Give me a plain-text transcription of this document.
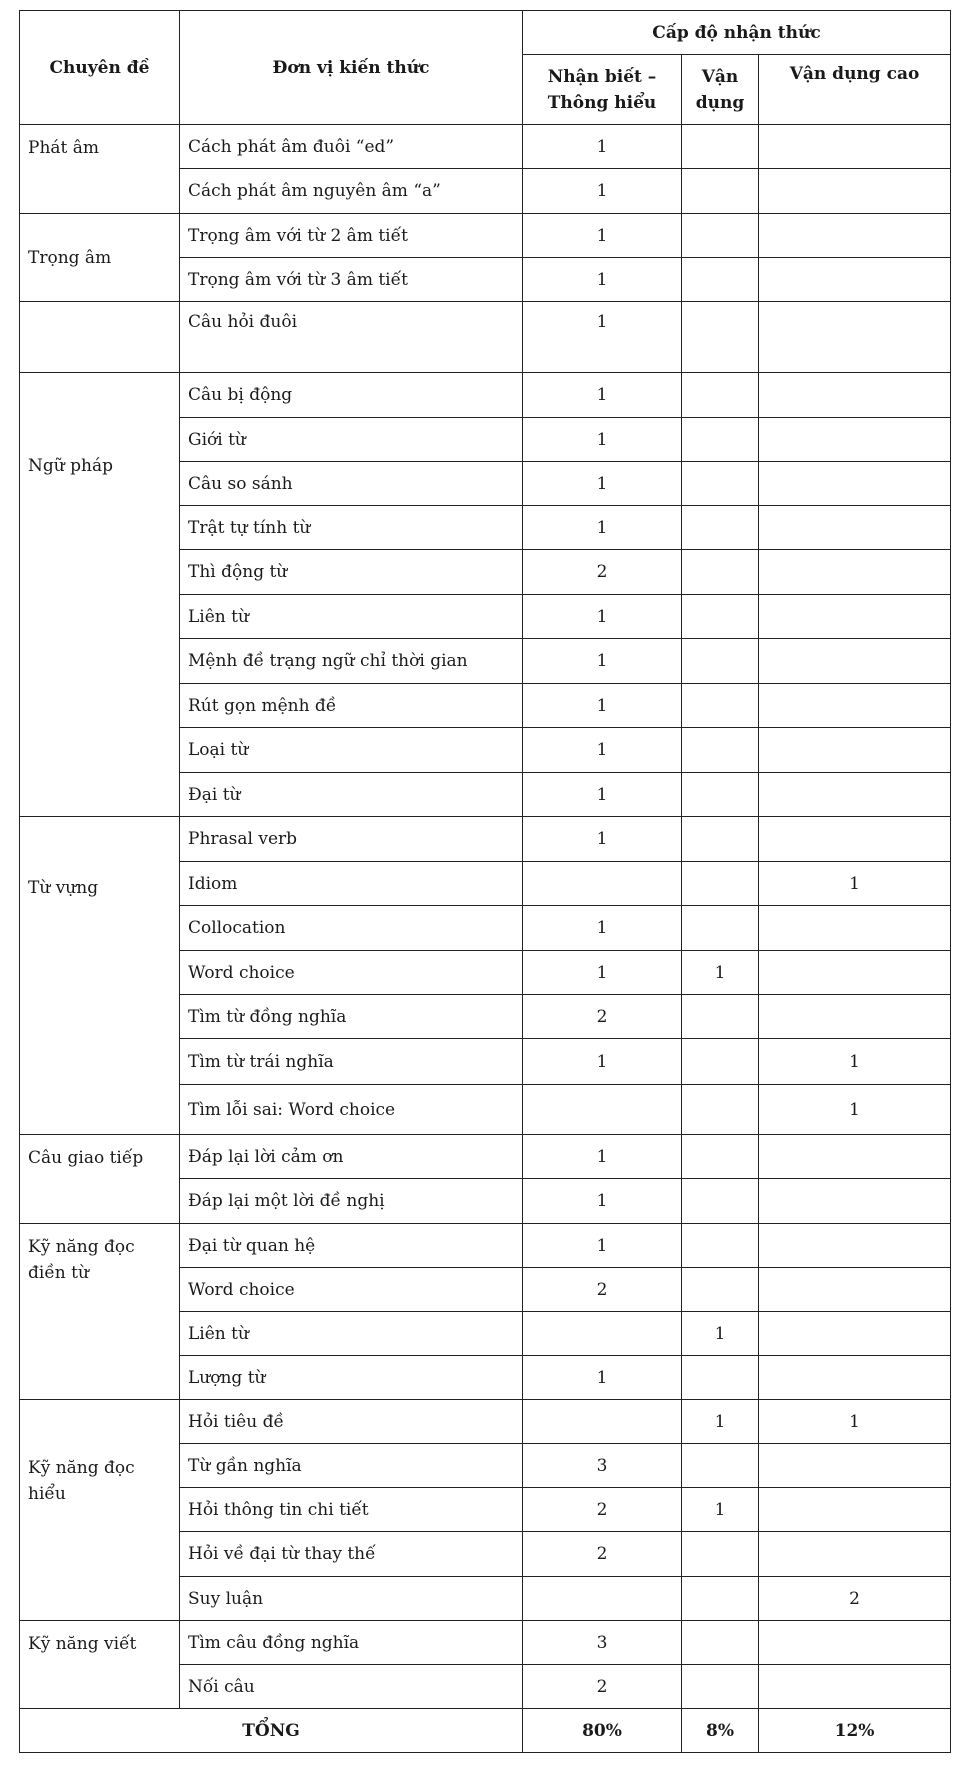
Chuyên đề	Đơn vị kiến thức	Cấp độ nhận thức		
		Nhận biết – Thông hiểu	Vận dụng	Vận dụng cao
Phát âm	Cách phát âm đuôi “ed”	1		
	Cách phát âm nguyên âm “a”	1		
Trọng âm	Trọng âm với từ 2 âm tiết	1		
	Trọng âm với từ 3 âm tiết	1		
	Câu hỏi đuôi	1		
Ngữ pháp	Câu bị động	1		
	Giới từ	1		
	Câu so sánh	1		
	Trật tự tính từ	1		
	Thì động từ	2		
	Liên từ	1		
	Mệnh đề trạng ngữ chỉ thời gian	1		
	Rút gọn mệnh đề	1		
	Loại từ	1		
	Đại từ	1		
Từ vựng	Phrasal verb	1		
	Idiom			1
	Collocation	1		
	Word choice	1	1	
	Tìm từ đồng nghĩa	2		
	Tìm từ trái nghĩa	1		1
	Tìm lỗi sai: Word choice			1
Câu giao tiếp	Đáp lại lời cảm ơn	1		
	Đáp lại một lời đề nghị	1		
Kỹ năng đọc điền từ	Đại từ quan hệ	1		
	Word choice	2		
	Liên từ		1	
	Lượng từ	1		
Kỹ năng đọc hiểu	Hỏi tiêu đề		1	1
	Từ gần nghĩa	3		
	Hỏi thông tin chi tiết	2	1	
	Hỏi về đại từ thay thế	2		
	Suy luận			2
Kỹ năng viết	Tìm câu đồng nghĩa	3		
	Nối câu	2		
TỔNG		80%	8%	12%
